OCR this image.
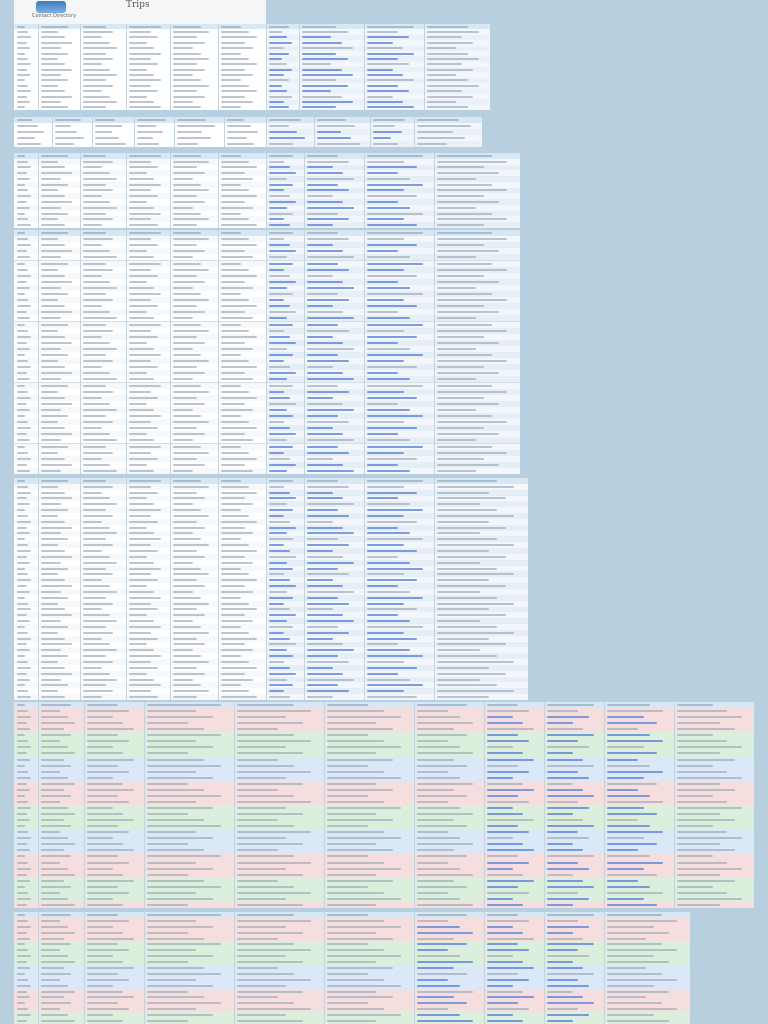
Trips
Contact Directory
